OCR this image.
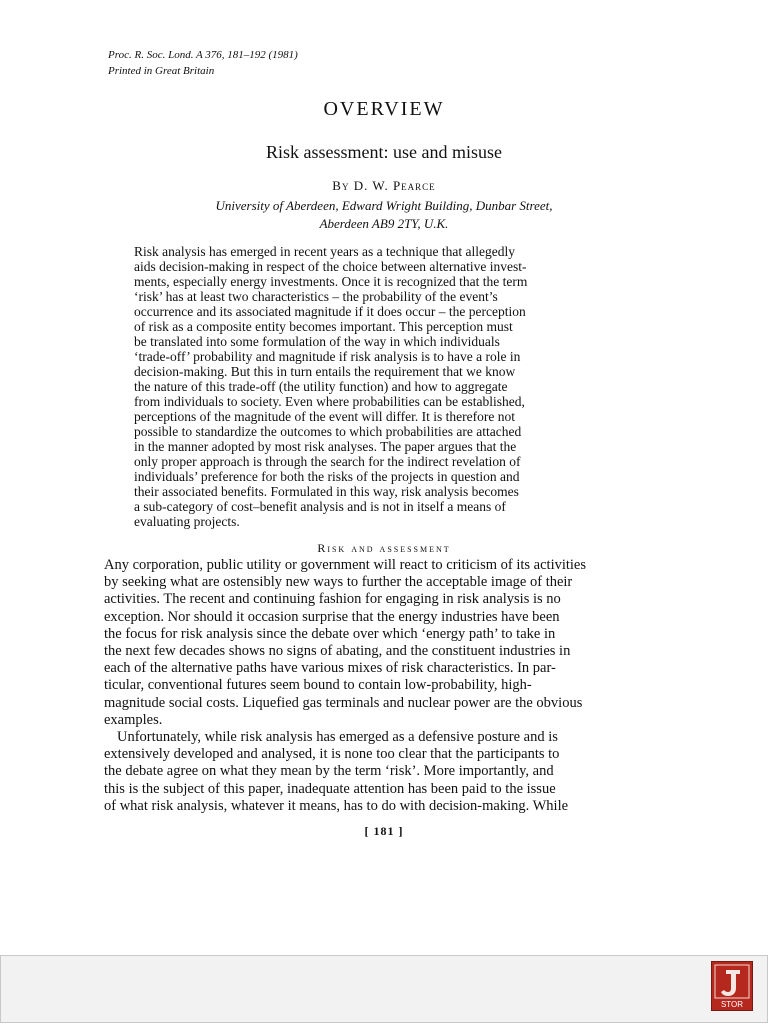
Proc. R. Soc. Lond. A 376, 181–192 (1981)
Printed in Great Britain
OVERVIEW
Risk assessment: use and misuse
By D. W. Pearce
University of Aberdeen, Edward Wright Building, Dunbar Street,
Aberdeen AB9 2TY, U.K.
Risk analysis has emerged in recent years as a technique that allegedly
aids decision-making in respect of the choice between alternative invest-
ments, especially energy investments. Once it is recognized that the term
‘risk’ has at least two characteristics – the probability of the event’s
occurrence and its associated magnitude if it does occur – the perception
of risk as a composite entity becomes important. This perception must
be translated into some formulation of the way in which individuals
‘trade-off’ probability and magnitude if risk analysis is to have a role in
decision-making. But this in turn entails the requirement that we know
the nature of this trade-off (the utility function) and how to aggregate
from individuals to society. Even where probabilities can be established,
perceptions of the magnitude of the event will differ. It is therefore not
possible to standardize the outcomes to which probabilities are attached
in the manner adopted by most risk analyses. The paper argues that the
only proper approach is through the search for the indirect revelation of
individuals’ preference for both the risks of the projects in question and
their associated benefits. Formulated in this way, risk analysis becomes
a sub-category of cost–benefit analysis and is not in itself a means of
evaluating projects.
Risk and assessment
Any corporation, public utility or government will react to criticism of its activities
by seeking what are ostensibly new ways to further the acceptable image of their
activities. The recent and continuing fashion for engaging in risk analysis is no
exception. Nor should it occasion surprise that the energy industries have been
the focus for risk analysis since the debate over which ‘energy path’ to take in
the next few decades shows no signs of abating, and the constituent industries in
each of the alternative paths have various mixes of risk characteristics. In par-
ticular, conventional futures seem bound to contain low-probability, high-
magnitude social costs. Liquefied gas terminals and nuclear power are the obvious
examples.
Unfortunately, while risk analysis has emerged as a defensive posture and is
extensively developed and analysed, it is none too clear that the participants to
the debate agree on what they mean by the term ‘risk’. More importantly, and
this is the subject of this paper, inadequate attention has been paid to the issue
of what risk analysis, whatever it means, has to do with decision-making. While
[ 181 ]
STOR
